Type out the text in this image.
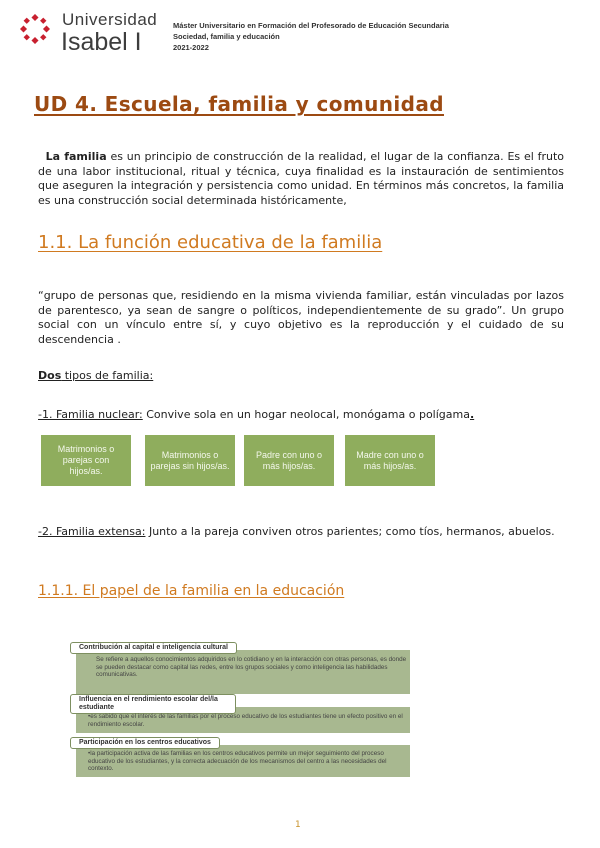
Universidad
Isabel I
Máster Universitario en Formación del Profesorado de Educación Secundaria
Sociedad, familia y educación
2021-2022
UD 4. Escuela, familia y comunidad
La familia es un principio de construcción de la realidad, el lugar de la confianza. Es el fruto de una labor institucional, ritual y técnica, cuya finalidad es la instauración de sentimientos que aseguren la integración y persistencia como unidad. En términos más concretos, la familia es una construcción social determinada históricamente,
1.1. La función educativa de la familia
“grupo de personas que, residiendo en la misma vivienda familiar, están vinculadas por lazos de parentesco, ya sean de sangre o políticos, independientemente de su grado”. Un grupo social con un vínculo entre sí, y cuyo objetivo es la reproducción y el cuidado de su descendencia .
Dos tipos de familia:
-1. Familia nuclear: Convive sola en un hogar neolocal, monógama o polígama.
Matrimonios o parejas con hijos/as.
Matrimonios o parejas sin hijos/as.
Padre con uno o más hijos/as.
Madre con uno o más hijos/as.
-2. Familia extensa: Junto a la pareja conviven otros parientes; como tíos, hermanos, abuelos.
1.1.1. El papel de la familia en la educación
Contribución al capital e inteligencia cultural
Se refiere a aquellos conocimientos adquiridos en lo cotidiano y en la interacción con otras personas, es donde se pueden destacar como capital las redes, entre los grupos sociales y como inteligencia las habilidades comunicativas.
Influencia en el rendimiento escolar del/la estudiante
•es sabido que el interés de las familias por el proceso educativo de los estudiantes tiene un efecto positivo en el rendimiento escolar.
Participación en los centros educativos
•la participación activa de las familias en los centros educativos permite un mejor seguimiento del proceso educativo de los estudiantes, y la correcta adecuación de los mecanismos del centro a las necesidades del contexto.
1
